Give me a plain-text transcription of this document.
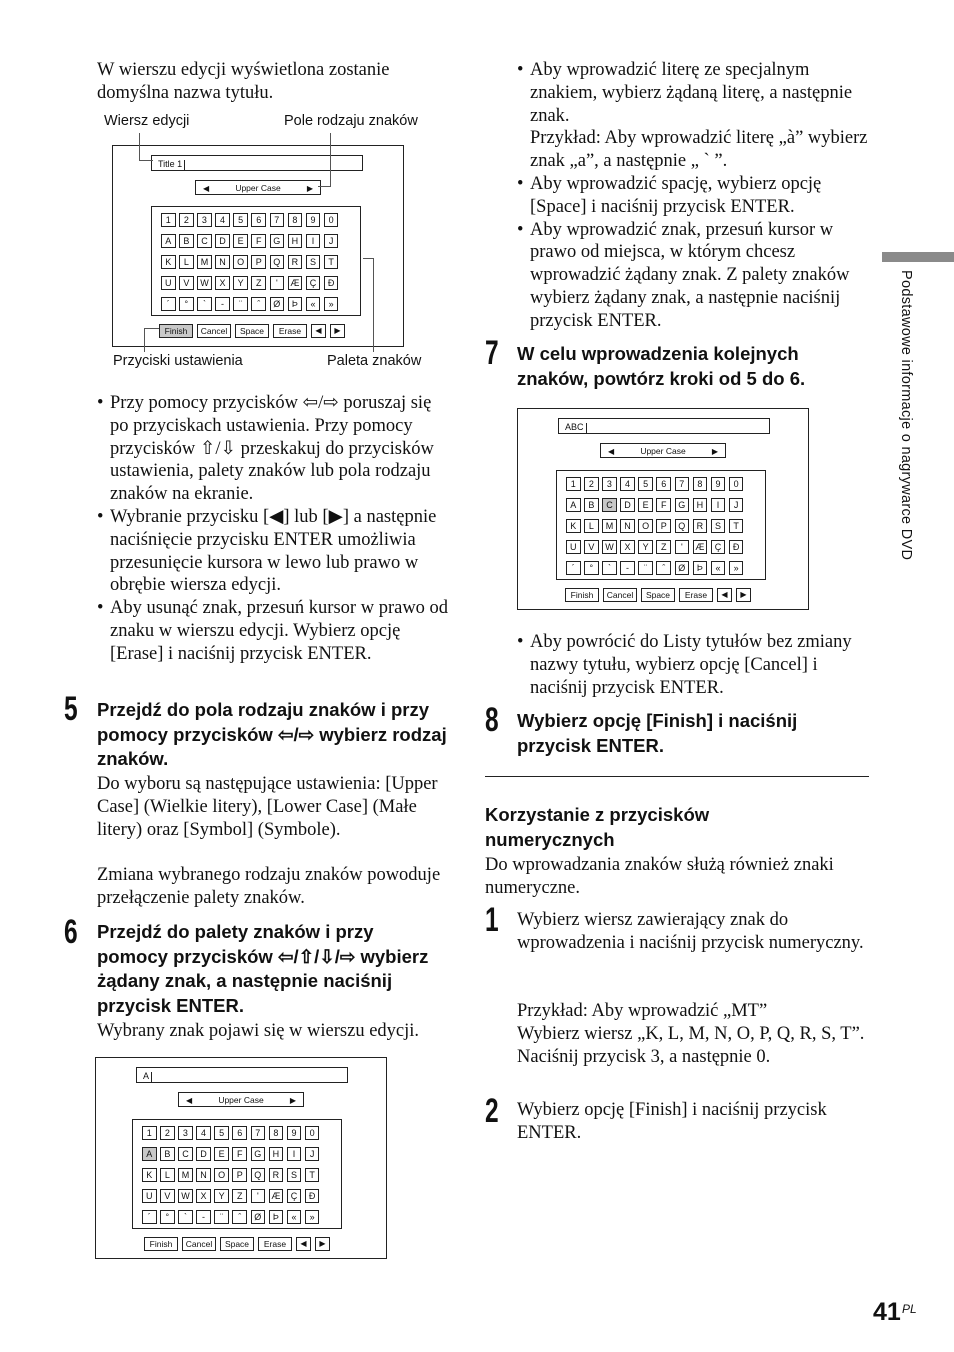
W wierszu edycji wyświetlona zostanie domyślna nazwa tytułu.
Wiersz edycji	Pole rodzaju znaków
Przyciski ustawienia	Paleta znaków
Title 1
◀	Upper Case	▶
1	2	3	4	5	6	7	8	9	0
A	B	C	D	E	F	G	H	I	J
K	L	M	N	O	P	Q	R	S	T
U	V	W	X	Y	Z	'	Æ	Ç	Đ
´	°	`	-	¨	ˆ	Ø	Þ	«	»
Finish	Cancel	Space	Erase	◀	▶
• Przy pomocy przycisków ⇦/⇨ poruszaj się po przyciskach ustawienia. Przy pomocy przycisków ⇧/⇩ przeskakuj do przycisków ustawienia, palety znaków lub pola rodzaju znaków na ekranie.
• Wybranie przycisku [◀] lub [▶] a następnie naciśnięcie przycisku ENTER umożliwia przesunięcie kursora w lewo lub prawo w obrębie wiersza edycji.
• Aby usunąć znak, przesuń kursor w prawo od znaku w wierszu edycji. Wybierz opcję [Erase] i naciśnij przycisk ENTER.
5 Przejdź do pola rodzaju znaków i przy pomocy przycisków ⇦/⇨ wybierz rodzaj znaków.
Do wyboru są następujące ustawienia: [Upper Case] (Wielkie litery), [Lower Case] (Małe litery) oraz [Symbol] (Symbole).
Zmiana wybranego rodzaju znaków powoduje przełączenie palety znaków.
6 Przejdź do palety znaków i przy pomocy przycisków ⇦/⇧/⇩/⇨ wybierz żądany znak, a następnie naciśnij przycisk ENTER.
Wybrany znak pojawi się w wierszu edycji.
A
◀	Upper Case	▶
1	2	3	4	5	6	7	8	9	0
A	B	C	D	E	F	G	H	I	J
K	L	M	N	O	P	Q	R	S	T
U	V	W	X	Y	Z	'	Æ	Ç	Đ
´	°	`	-	¨	ˆ	Ø	Þ	«	»
Finish	Cancel	Space	Erase	◀	▶
• Aby wprowadzić literę ze specjalnym znakiem, wybierz żądaną literę, a następnie znak.
Przykład: Aby wprowadzić literę „à” wybierz znak „a”, a następnie „ ` ”.
• Aby wprowadzić spację, wybierz opcję [Space] i naciśnij przycisk ENTER.
• Aby wprowadzić znak, przesuń kursor w prawo od miejsca, w którym chcesz wprowadzić żądany znak. Z palety znaków wybierz żądany znak, a następnie naciśnij przycisk ENTER.
7 W celu wprowadzenia kolejnych znaków, powtórz kroki od 5 do 6.
ABC
◀	Upper Case	▶
1	2	3	4	5	6	7	8	9	0
A	B	C	D	E	F	G	H	I	J
K	L	M	N	O	P	Q	R	S	T
U	V	W	X	Y	Z	'	Æ	Ç	Đ
´	°	`	-	¨	ˆ	Ø	Þ	«	»
Finish	Cancel	Space	Erase	◀	▶
• Aby powrócić do Listy tytułów bez zmiany nazwy tytułu, wybierz opcję [Cancel] i naciśnij przycisk ENTER.
8 Wybierz opcję [Finish] i naciśnij przycisk ENTER.
Korzystanie z przycisków numerycznych
Do wprowadzania znaków służą również znaki numeryczne.
1 Wybierz wiersz zawierający znak do wprowadzenia i naciśnij przycisk numeryczny.
Przykład: Aby wprowadzić „MT”
Wybierz wiersz „K, L, M, N, O, P, Q, R, S, T”.
Naciśnij przycisk 3, a następnie 0.
2 Wybierz opcję [Finish] i naciśnij przycisk ENTER.
Podstawowe informacje o nagrywarce DVD
41 PL
